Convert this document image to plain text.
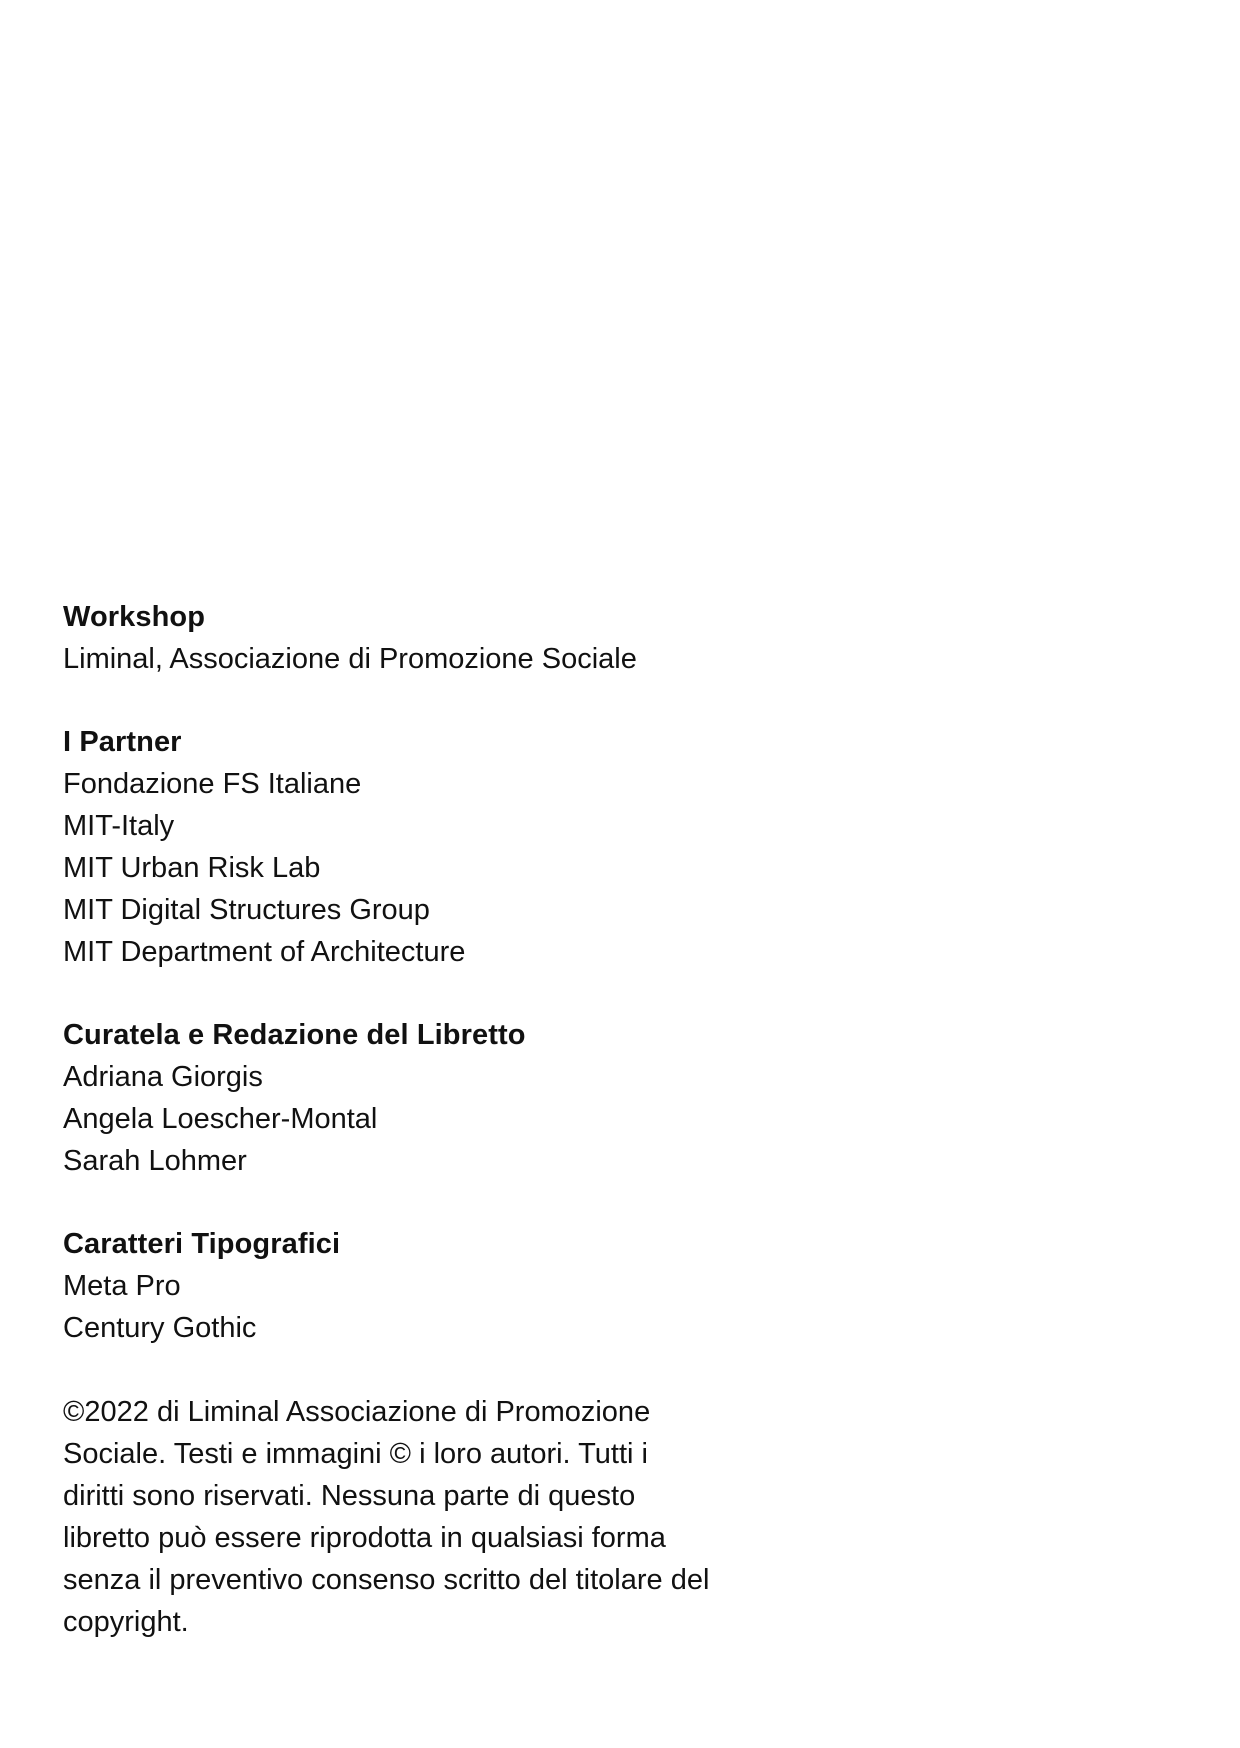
Workshop
Liminal, Associazione di Promozione Sociale
I Partner
Fondazione FS Italiane
MIT-Italy
MIT Urban Risk Lab
MIT Digital Structures Group
MIT Department of Architecture
Curatela e Redazione del Libretto
Adriana Giorgis
Angela Loescher-Montal
Sarah Lohmer
Caratteri Tipografici
Meta Pro
Century Gothic
©2022 di Liminal Associazione di Promozione
Sociale. Testi e immagini © i loro autori. Tutti i
diritti sono riservati. Nessuna parte di questo
libretto può essere riprodotta in qualsiasi forma
senza il preventivo consenso scritto del titolare del
copyright.
